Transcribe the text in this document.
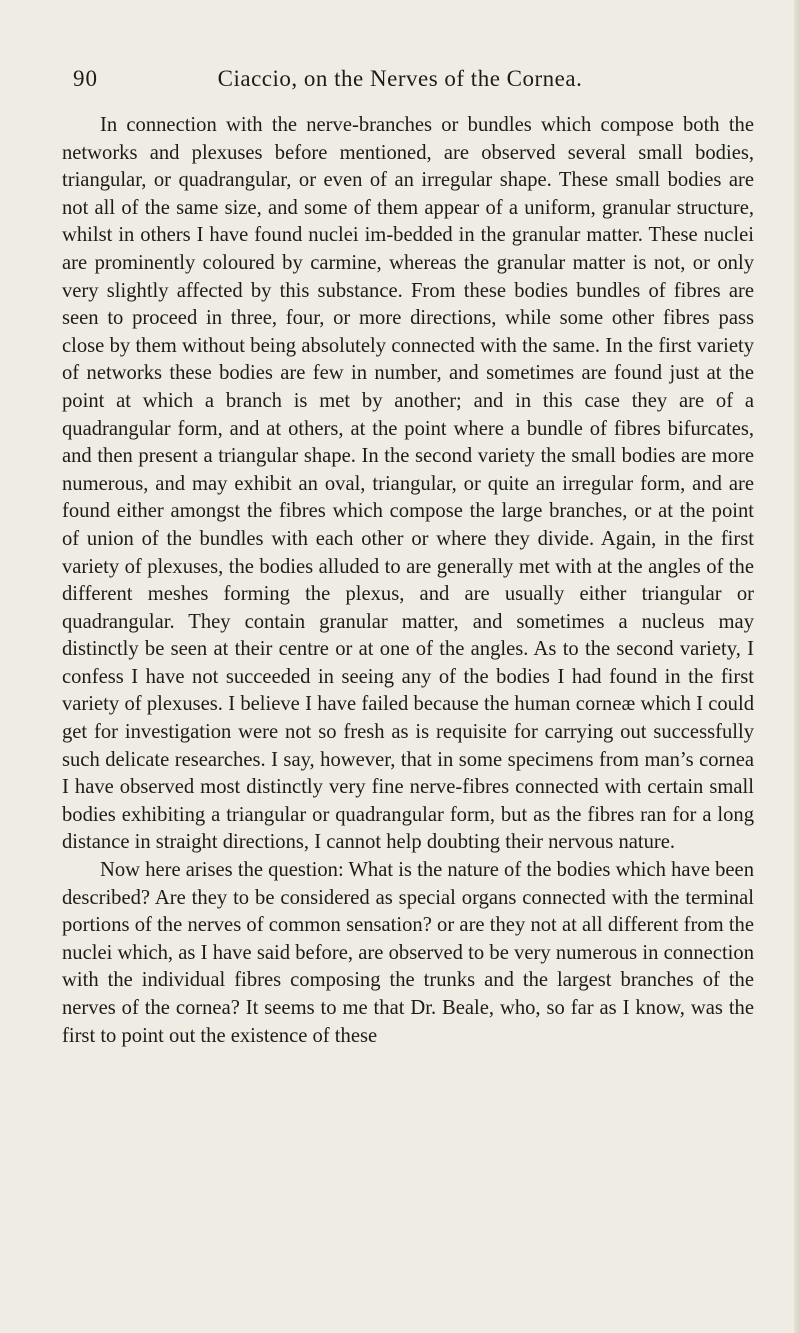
90	Ciaccio, on the Nerves of the Cornea.

In connection with the nerve-branches or bundles which compose both the networks and plexuses before mentioned, are observed several small bodies, triangular, or quadrangular, or even of an irregular shape. These small bodies are not all of the same size, and some of them appear of a uniform, granular structure, whilst in others I have found nuclei im-bedded in the granular matter. These nuclei are prominently coloured by carmine, whereas the granular matter is not, or only very slightly affected by this substance. From these bodies bundles of fibres are seen to proceed in three, four, or more directions, while some other fibres pass close by them without being absolutely connected with the same. In the first variety of networks these bodies are few in number, and sometimes are found just at the point at which a branch is met by another; and in this case they are of a quadrangular form, and at others, at the point where a bundle of fibres bifurcates, and then present a triangular shape. In the second variety the small bodies are more numerous, and may exhibit an oval, triangular, or quite an irregular form, and are found either amongst the fibres which compose the large branches, or at the point of union of the bundles with each other or where they divide. Again, in the first variety of plexuses, the bodies alluded to are generally met with at the angles of the different meshes forming the plexus, and are usually either triangular or quadrangular. They contain granular matter, and sometimes a nucleus may distinctly be seen at their centre or at one of the angles. As to the second variety, I confess I have not succeeded in seeing any of the bodies I had found in the first variety of plexuses. I believe I have failed because the human corneæ which I could get for investigation were not so fresh as is requisite for carrying out successfully such delicate researches. I say, however, that in some specimens from man’s cornea I have observed most distinctly very fine nerve-fibres connected with certain small bodies exhibiting a triangular or quadrangular form, but as the fibres ran for a long distance in straight directions, I cannot help doubting their nervous nature.

Now here arises the question: What is the nature of the bodies which have been described? Are they to be considered as special organs connected with the terminal portions of the nerves of common sensation? or are they not at all different from the nuclei which, as I have said before, are observed to be very numerous in connection with the individual fibres composing the trunks and the largest branches of the nerves of the cornea? It seems to me that Dr. Beale, who, so far as I know, was the first to point out the existence of these
